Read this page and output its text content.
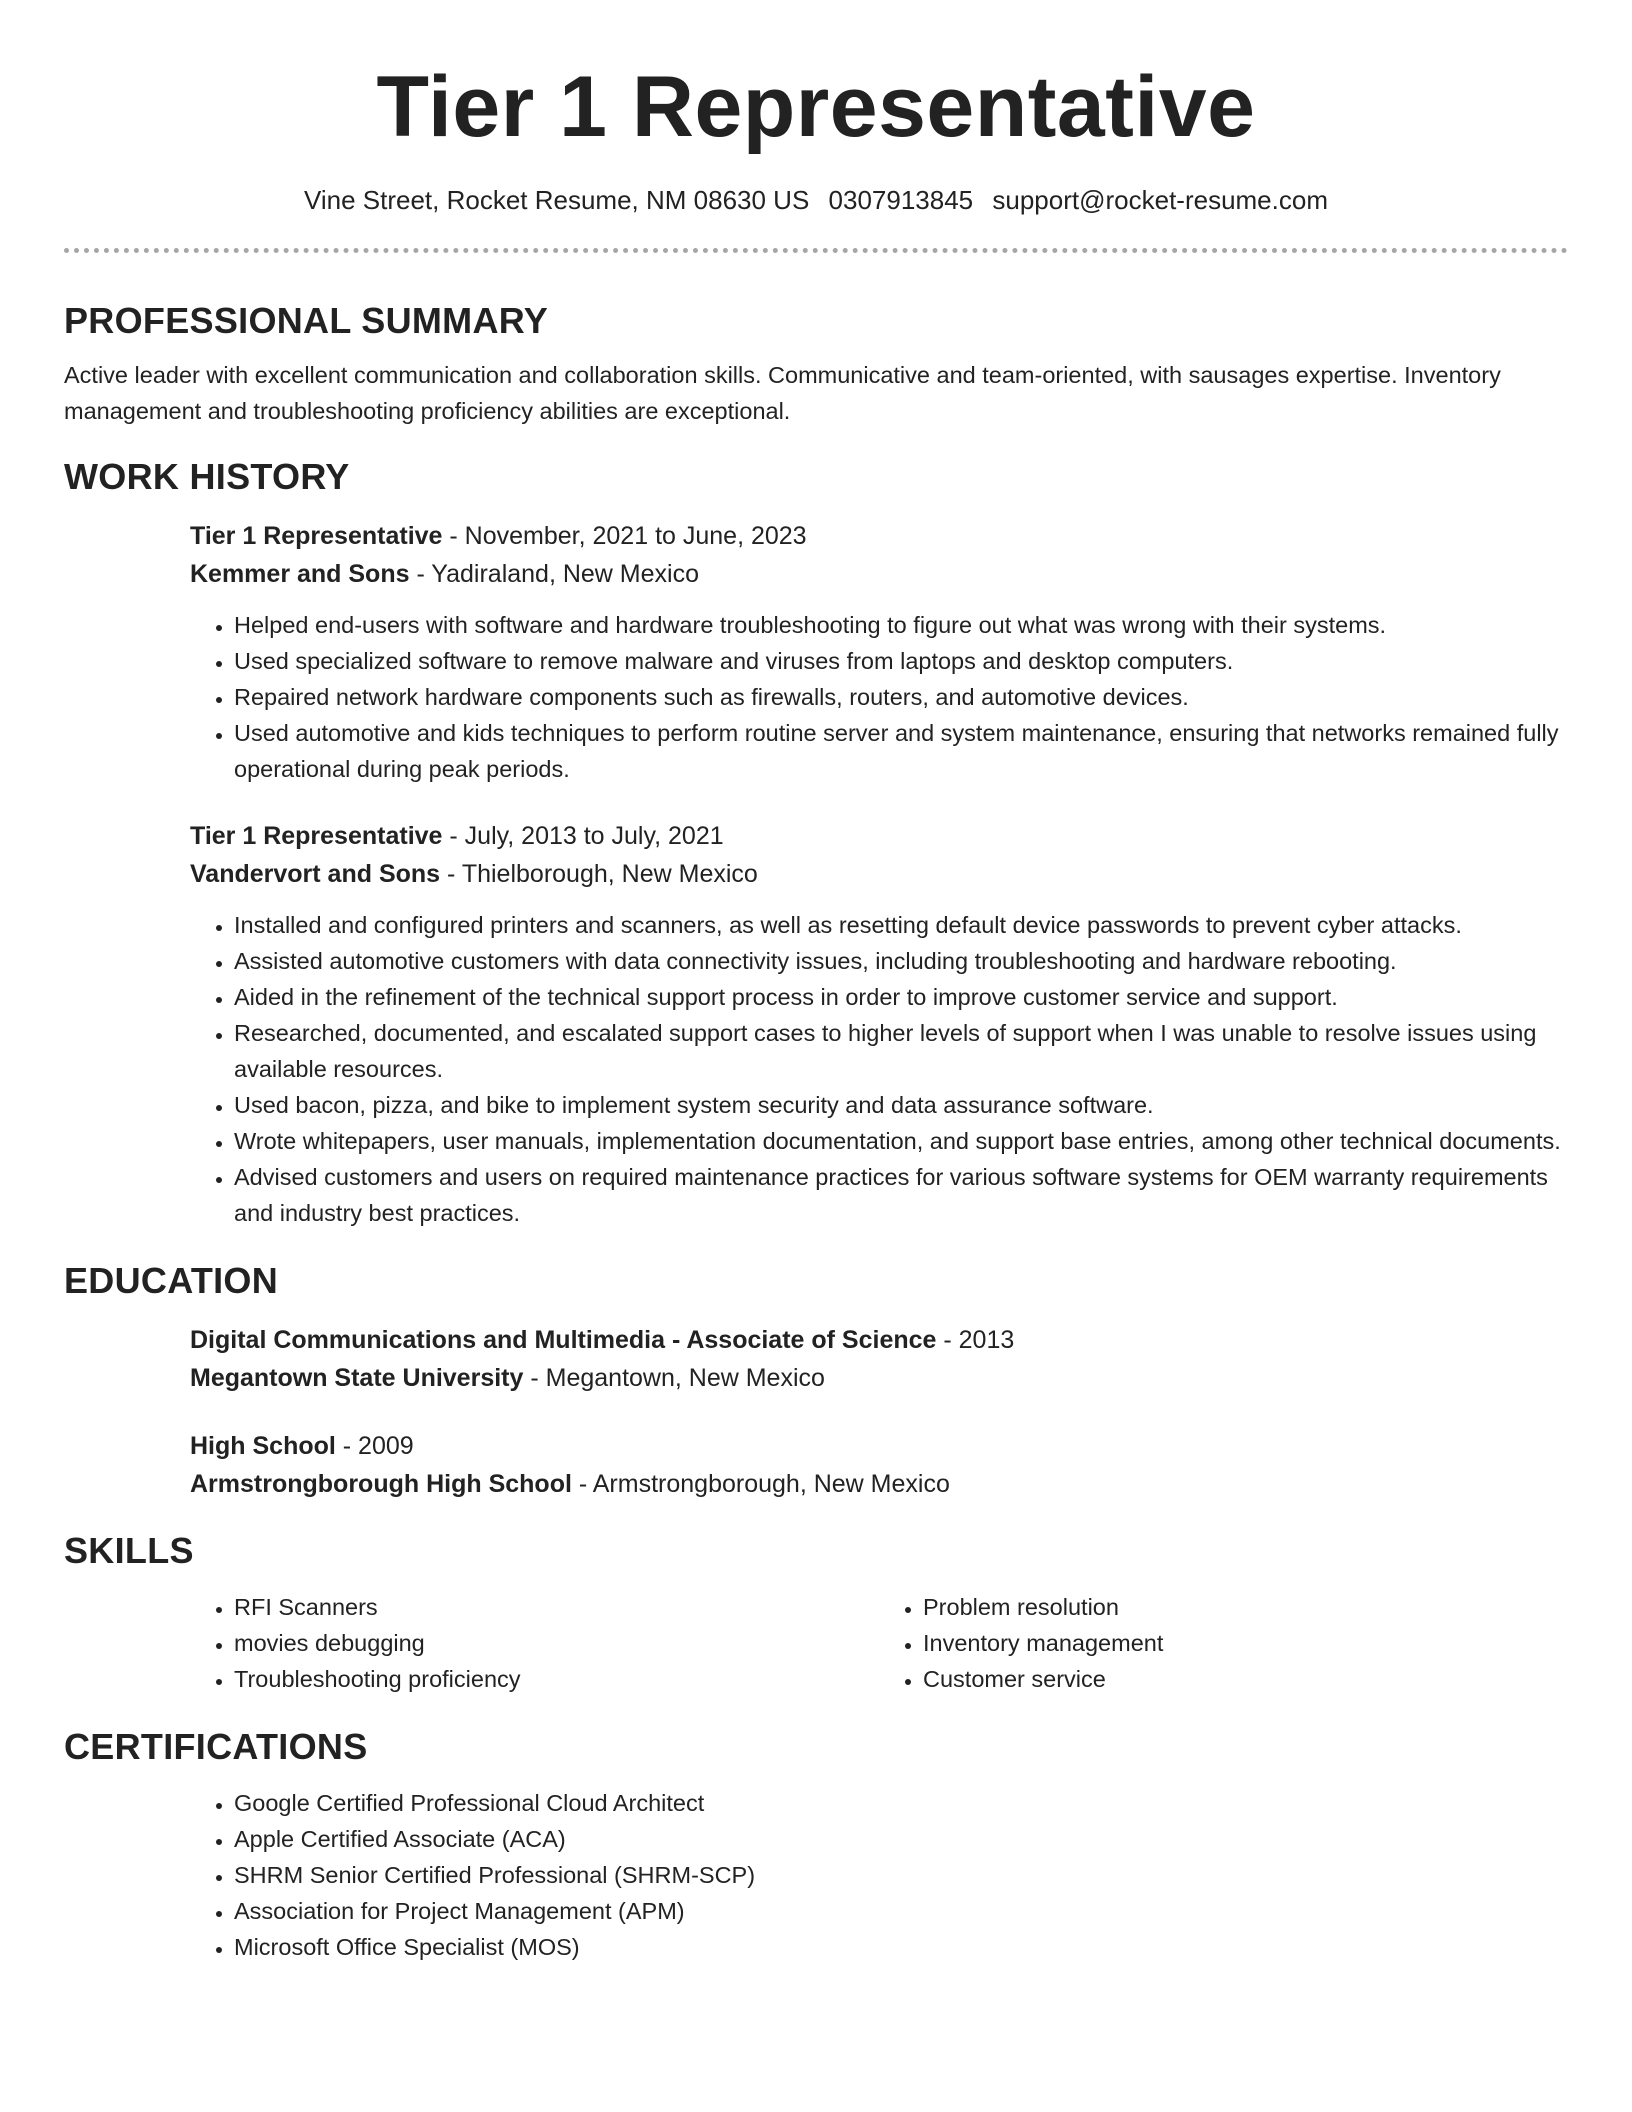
Tier 1 Representative
Vine Street, Rocket Resume, NM 08630 US 0307913845 support@rocket-resume.com
PROFESSIONAL SUMMARY

Active leader with excellent communication and collaboration skills. Communicative and team-oriented, with sausages expertise. Inventory management and troubleshooting proficiency abilities are exceptional.

WORK HISTORY

Tier 1 Representative - November, 2021 to June, 2023

Kemmer and Sons - Yadiraland, New Mexico

• Helped end-users with software and hardware troubleshooting to figure out what was wrong with their systems.
• Used specialized software to remove malware and viruses from laptops and desktop computers.
• Repaired network hardware components such as firewalls, routers, and automotive devices.
• Used automotive and kids techniques to perform routine server and system maintenance, ensuring that networks remained fully operational during peak periods.

Tier 1 Representative - July, 2013 to July, 2021

Vandervort and Sons - Thielborough, New Mexico

• Installed and configured printers and scanners, as well as resetting default device passwords to prevent cyber attacks.
• Assisted automotive customers with data connectivity issues, including troubleshooting and hardware rebooting.
• Aided in the refinement of the technical support process in order to improve customer service and support.
• Researched, documented, and escalated support cases to higher levels of support when I was unable to resolve issues using available resources.
• Used bacon, pizza, and bike to implement system security and data assurance software.
• Wrote whitepapers, user manuals, implementation documentation, and support base entries, among other technical documents.
• Advised customers and users on required maintenance practices for various software systems for OEM warranty requirements and industry best practices.
EDUCATION

Digital Communications and Multimedia - Associate of Science - 2013

Megantown State University - Megantown, New Mexico

High School - 2009

Armstrongborough High School - Armstrongborough, New Mexico

SKILLS
• RFI Scanners
• movies debugging
• Troubleshooting proficiency
• Problem resolution
• Inventory management
• Customer service
CERTIFICATIONS
• Google Certified Professional Cloud Architect
• Apple Certified Associate (ACA)
• SHRM Senior Certified Professional (SHRM-SCP)
• Association for Project Management (APM)
• Microsoft Office Specialist (MOS)
